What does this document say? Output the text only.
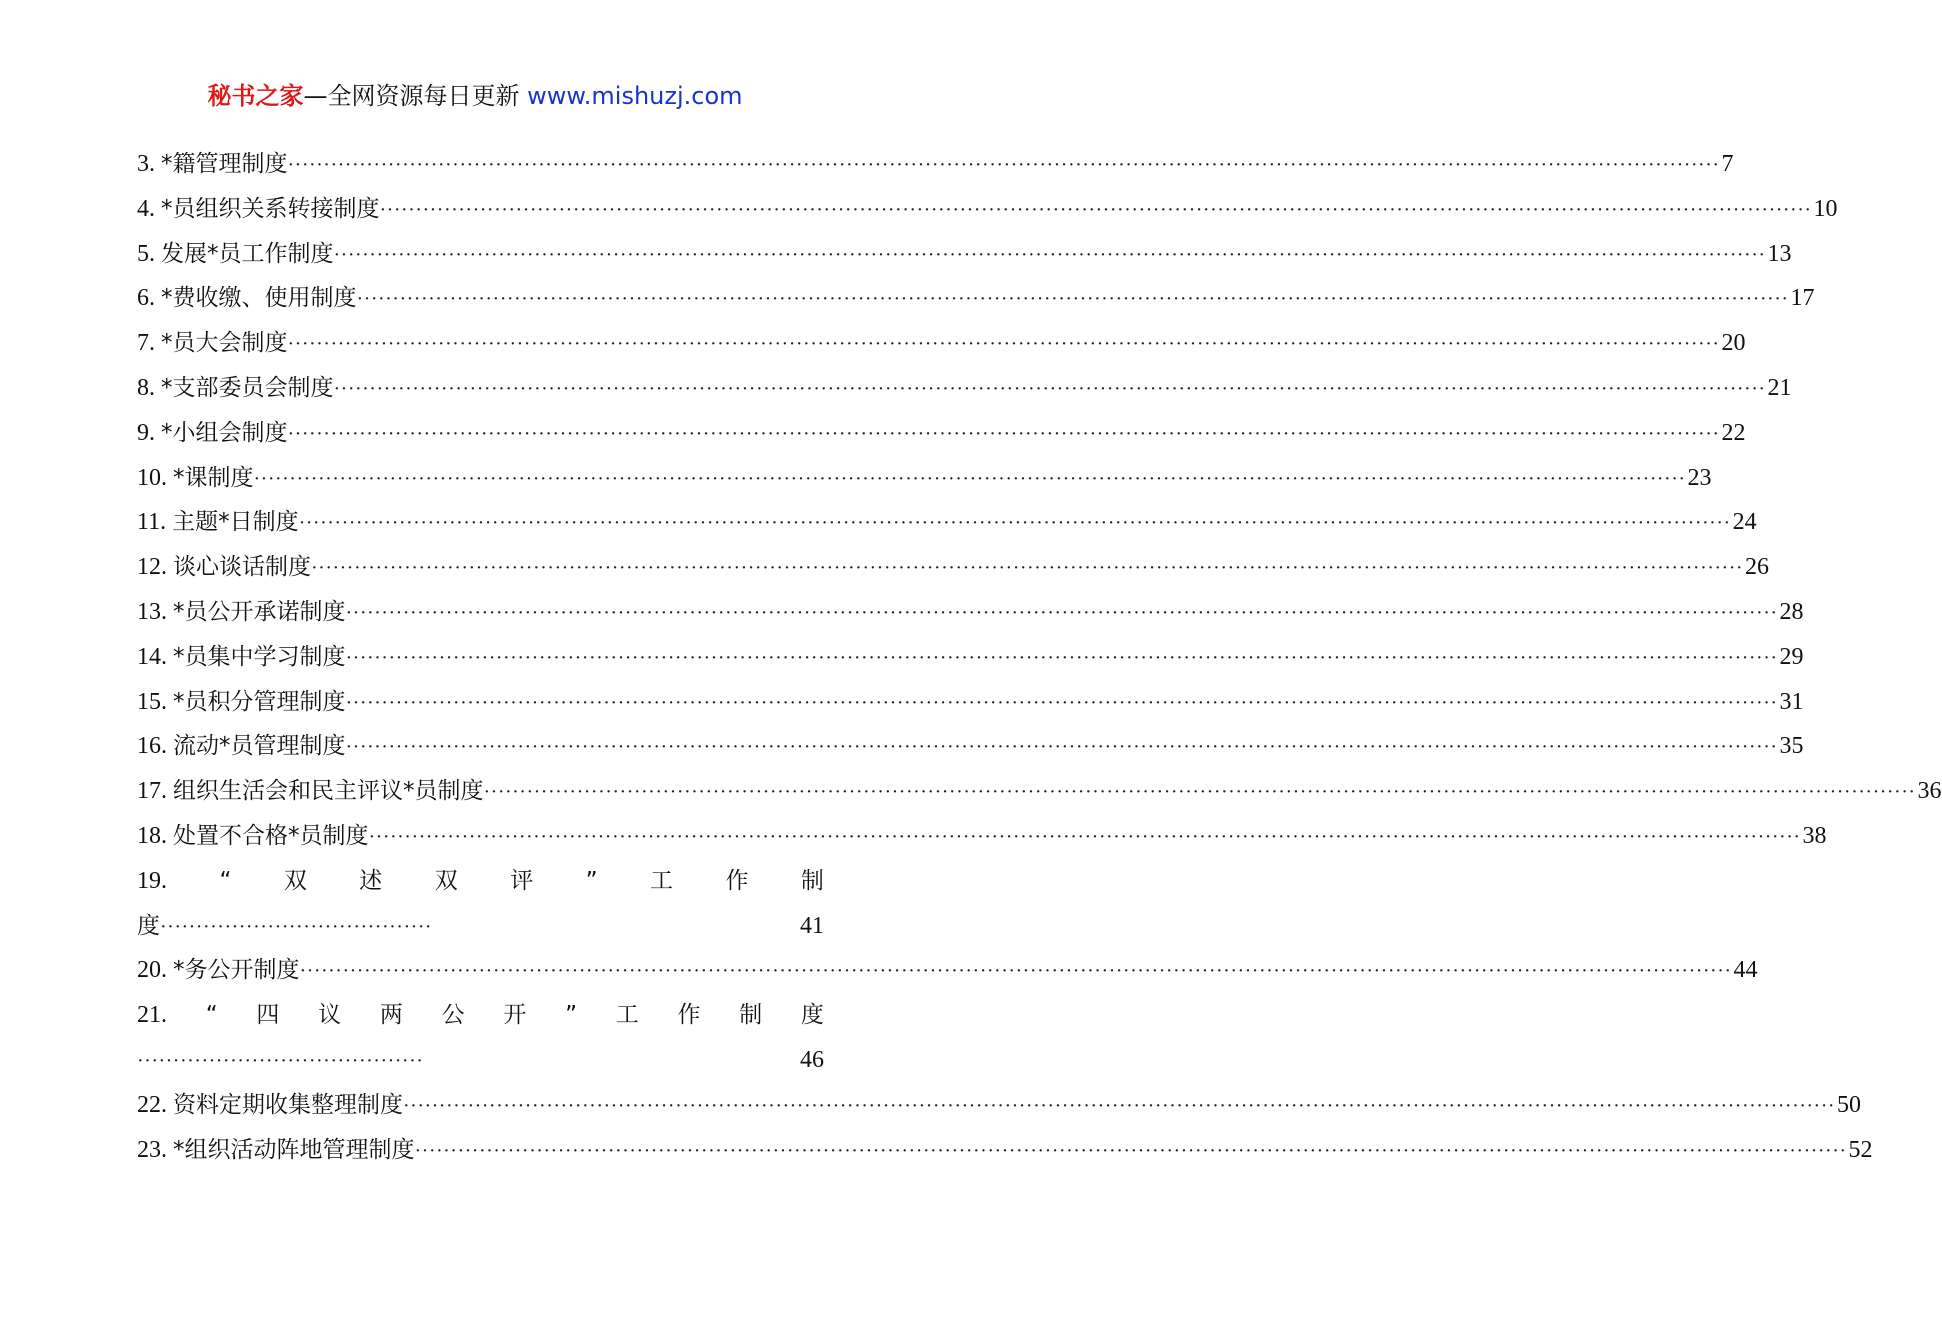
秘书之家—全网资源每日更新 www.mishuzj.com
3. *籍管理制度 ········································································································································································································ 7
4. *员组织关系转接制度 ········································································································································································································ 10
5. 发展*员工作制度 ········································································································································································································ 13
6. *费收缴、使用制度 ········································································································································································································ 17
7. *员大会制度 ········································································································································································································ 20
8. *支部委员会制度 ········································································································································································································ 21
9. *小组会制度 ········································································································································································································ 22
10. *课制度 ········································································································································································································ 23
11. 主题*日制度 ········································································································································································································ 24
12. 谈心谈话制度 ········································································································································································································ 26
13. *员公开承诺制度 ········································································································································································································ 28
14. *员集中学习制度 ········································································································································································································ 29
15. *员积分管理制度 ········································································································································································································ 31
16. 流动*员管理制度 ········································································································································································································ 35
17. 组织生活会和民主评议*员制度 ········································································································································································································ 36
18. 处置不合格*员制度 ········································································································································································································ 38
19. “ 双 述 双 评 ” 工 作 制
度 ······································	41
20. *务公开制度 ········································································································································································································ 44
21. “ 四 议 两 公 开 ” 工 作 制 度
········································	46
22. 资料定期收集整理制度 ········································································································································································································ 50
23. *组织活动阵地管理制度 ········································································································································································································ 52
